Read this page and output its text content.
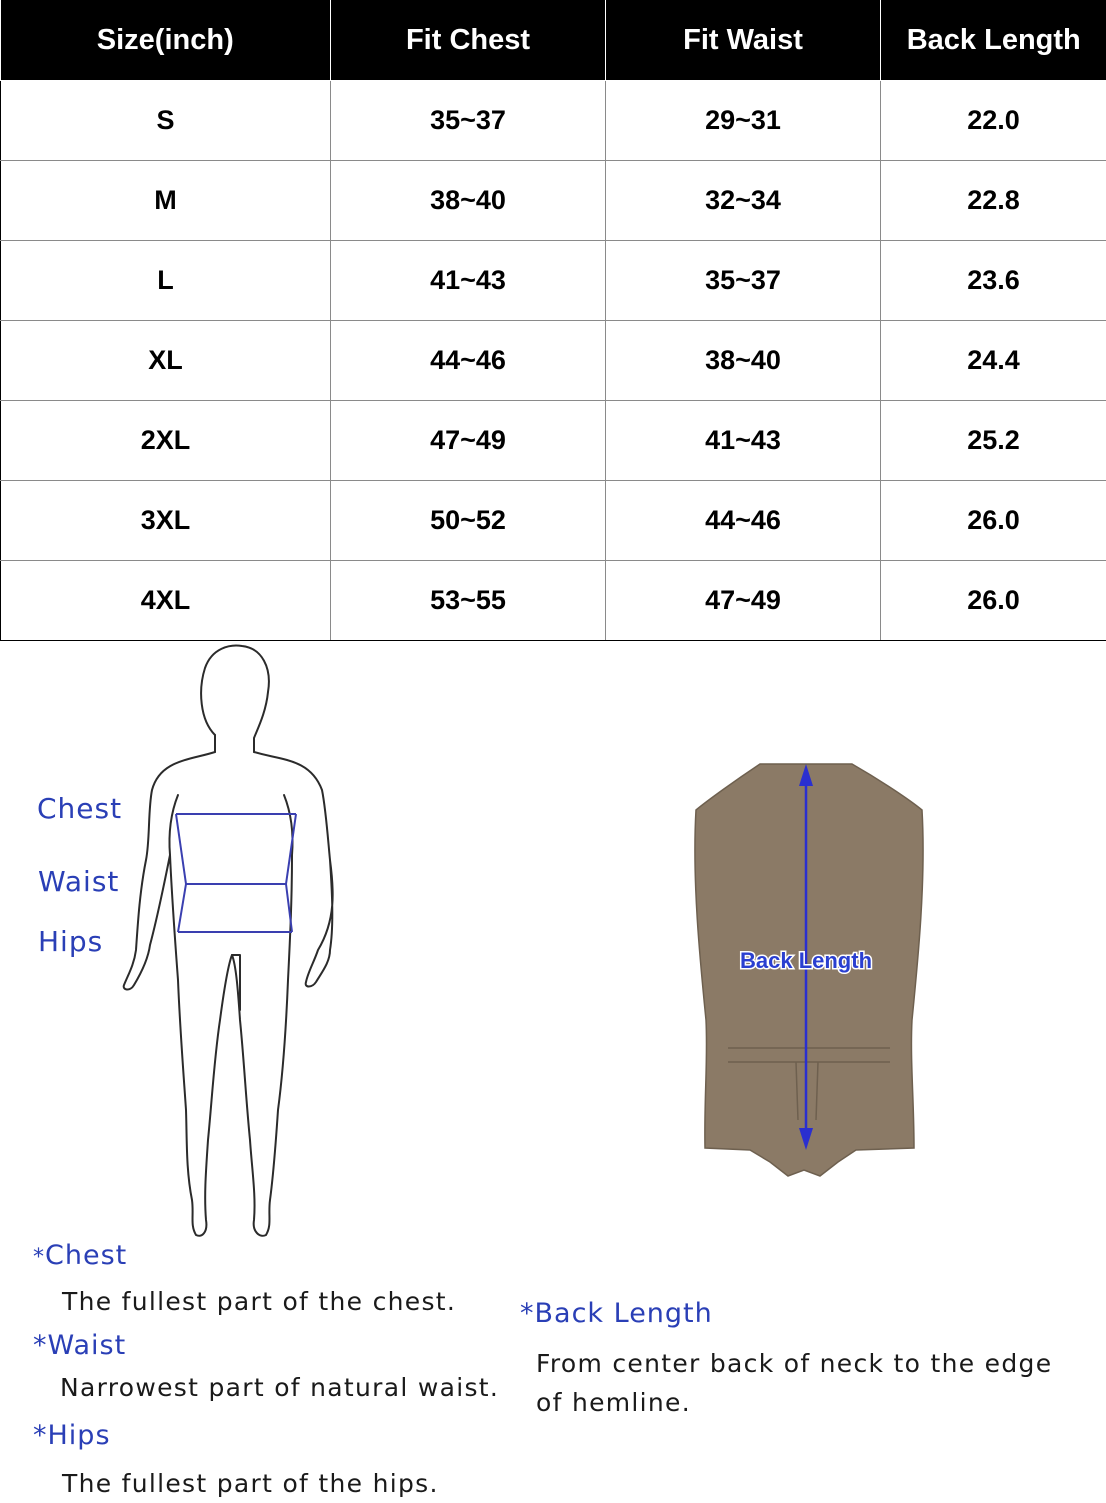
Size(inch)	Fit Chest	Fit Waist	Back Length
S	35~37	29~31	22.0
M	38~40	32~34	22.8
L	41~43	35~37	23.6
XL	44~46	38~40	24.4
2XL	47~49	41~43	25.2
3XL	50~52	44~46	26.0
4XL	53~55	47~49	26.0
Back Length
Chest
Waist
Hips
*Chest
The fullest part of the chest.
*Waist
Narrowest part of natural waist.
*Hips
The fullest part of the hips.
*Back Length
From center back of neck to the edge
of hemline.
